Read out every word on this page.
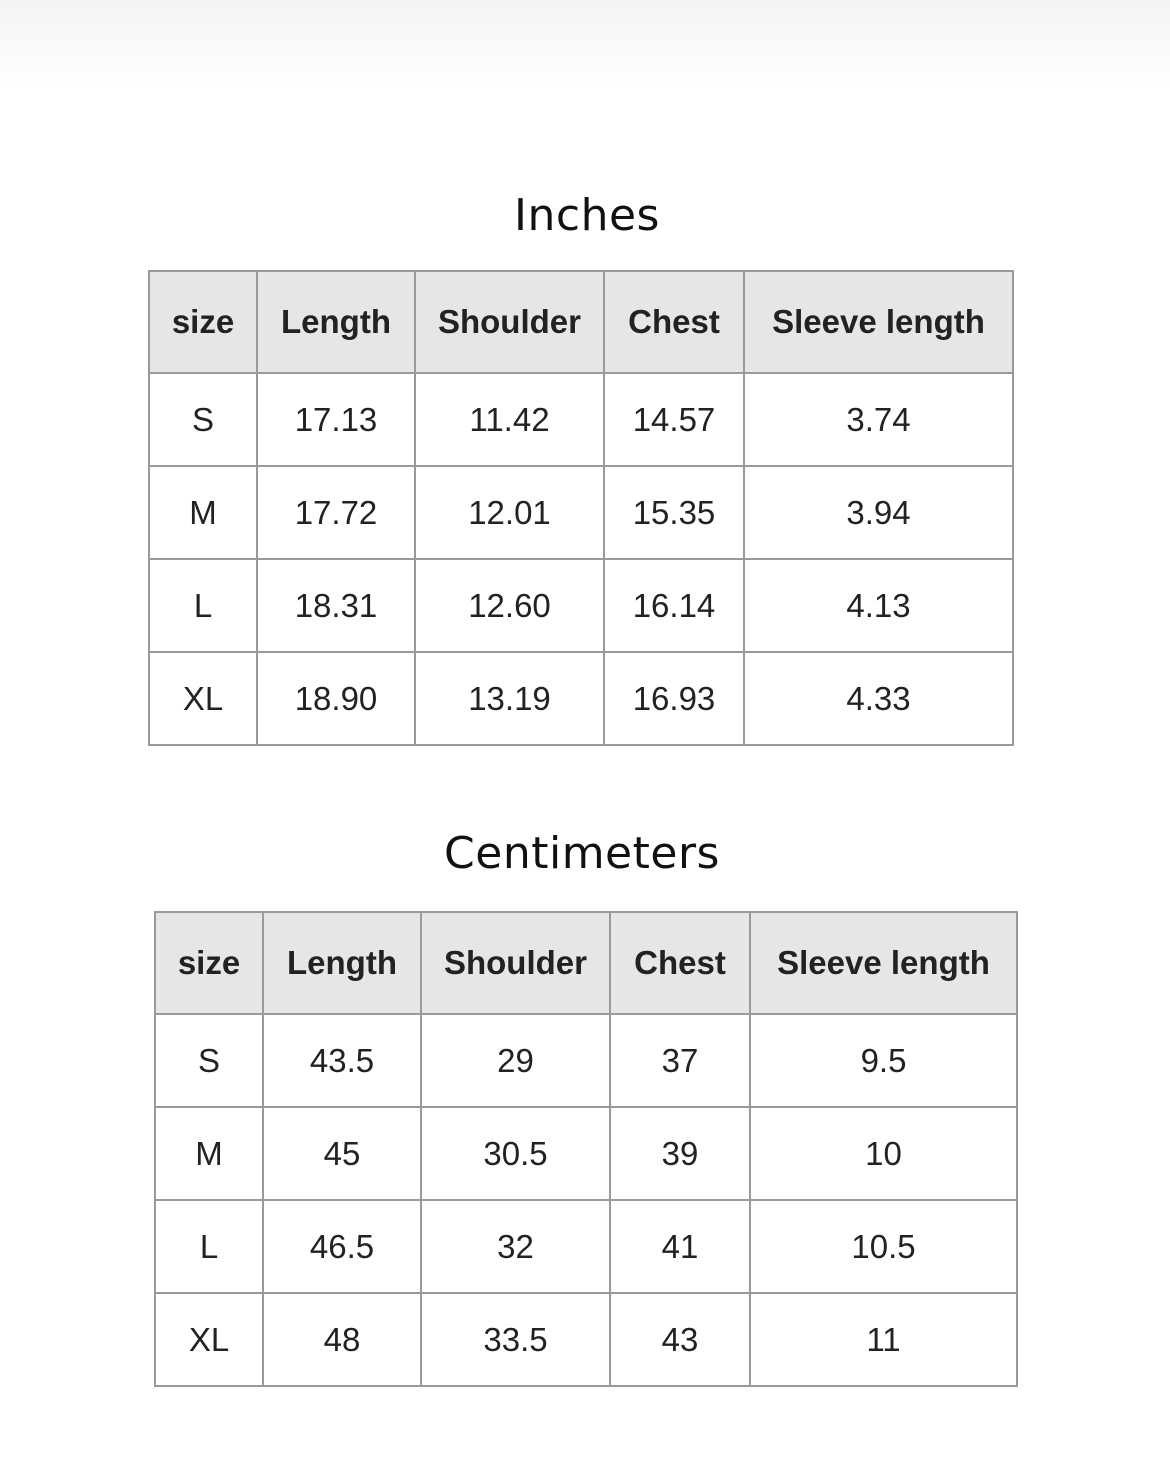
Inches
size	Length	Shoulder	Chest	Sleeve length
S	17.13	11.42	14.57	3.74
M	17.72	12.01	15.35	3.94
L	18.31	12.60	16.14	4.13
XL	18.90	13.19	16.93	4.33
Centimeters
size	Length	Shoulder	Chest	Sleeve length
S	43.5	29	37	9.5
M	45	30.5	39	10
L	46.5	32	41	10.5
XL	48	33.5	43	11
